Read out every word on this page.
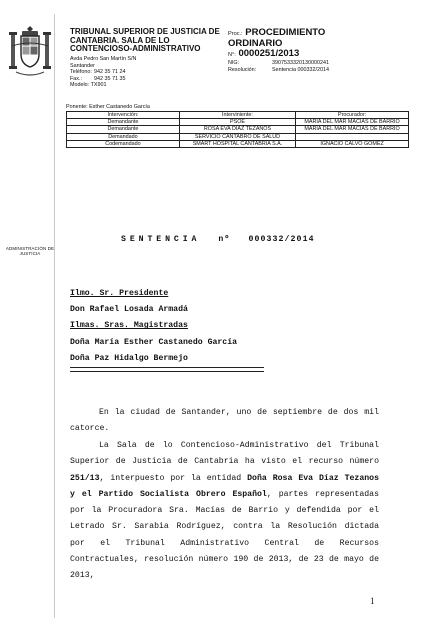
ADMINISTRACIÓN DE JUSTICIA
TRIBUNAL SUPERIOR DE JUSTICIA DE CANTABRIA. SALA DE LO CONTENCIOSO-ADMINISTRATIVO
Avda Pedro San Martín S/N
Santander
Teléfono: 942 35 71 24
Fax.: 942 35 71 35
Modelo: TX901
Proc.: PROCEDIMIENTO
ORDINARIO
N°: 0000251/2013
NIG:	3907533320130000241
Resolución:	Sentencia 000332/2014
Ponente: Esther Castanedo García
Intervención:	Interviniente:	Procurador:
Demandante	PSOE	MARIA DEL MAR MACIAS DE BARRIO
Demandante	ROSA EVA DIAZ TEZANOS	MARIA DEL MAR MACIAS DE BARRIO
Demandado	SERVICIO CANTABRO DE SALUD	
Codemandado	SMART HOSPITAL CANTABRIA S.A.	IGNACIO CALVO GOMEZ
SENTENCIA nº 000332/2014
Ilmo. Sr. Presidente
Don Rafael Losada Armadá
Ilmas. Sras. Magistradas
Doña María Esther Castanedo García
Doña Paz Hidalgo Bermejo

En la ciudad de Santander, uno de septiembre de dos mil catorce.

La Sala de lo Contencioso-Administrativo del Tribunal Superior de Justicia de Cantabria ha visto el recurso número 251/13, interpuesto por la entidad Doña Rosa Eva Díaz Tezanos y el Partido Socialista Obrero Español, partes representadas por la Procuradora Sra. Macías de Barrio y defendida por el Letrado Sr. Sarabia Rodríguez, contra la Resolución dictada por el Tribunal Administrativo Central de Recursos Contractuales, resolución número 190 de 2013, de 23 de mayo de 2013,

1
